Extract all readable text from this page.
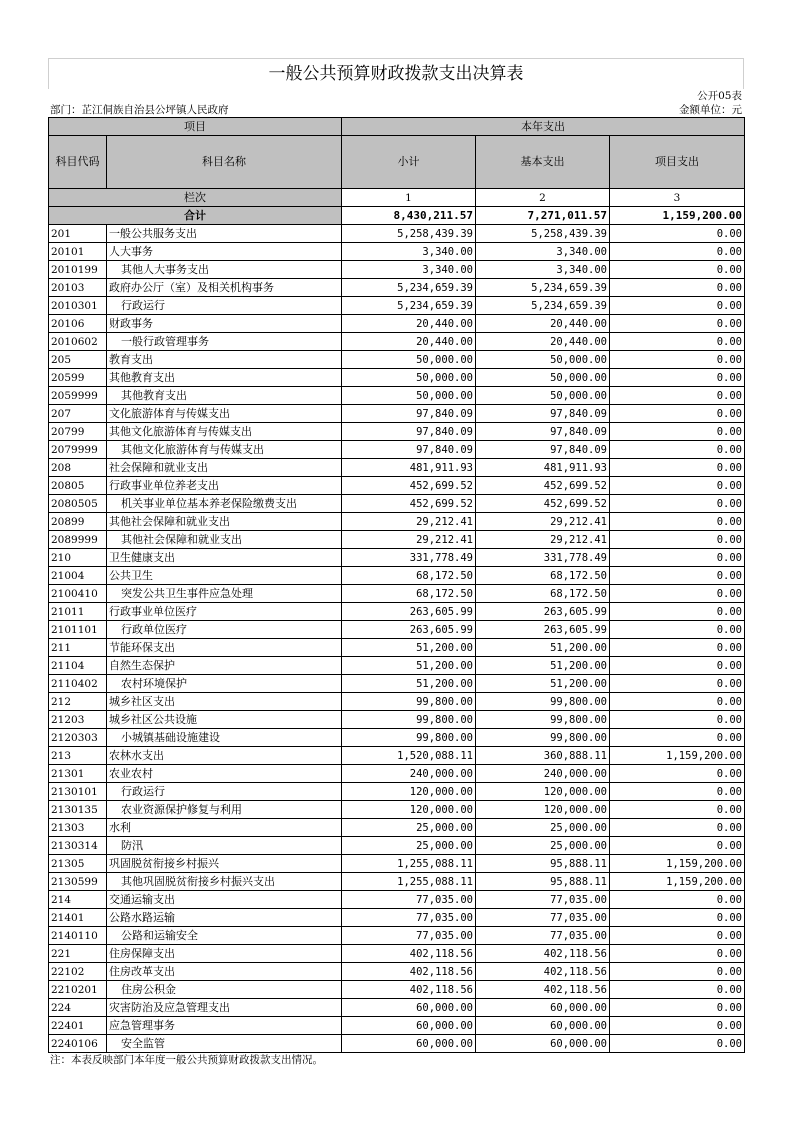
一般公共预算财政拨款支出决算表
公开05表
部门：芷江侗族自治县公坪镇人民政府	金额单位：元
项目		本年支出		
科目代码	科目名称	小计	基本支出	项目支出
栏次		1	2	3
合计		8,430,211.57	7,271,011.57	1,159,200.00
201	一般公共服务支出	5,258,439.39	5,258,439.39	0.00
20101	人大事务	3,340.00	3,340.00	0.00
2010199	其他人大事务支出	3,340.00	3,340.00	0.00
20103	政府办公厅（室）及相关机构事务	5,234,659.39	5,234,659.39	0.00
2010301	行政运行	5,234,659.39	5,234,659.39	0.00
20106	财政事务	20,440.00	20,440.00	0.00
2010602	一般行政管理事务	20,440.00	20,440.00	0.00
205	教育支出	50,000.00	50,000.00	0.00
20599	其他教育支出	50,000.00	50,000.00	0.00
2059999	其他教育支出	50,000.00	50,000.00	0.00
207	文化旅游体育与传媒支出	97,840.09	97,840.09	0.00
20799	其他文化旅游体育与传媒支出	97,840.09	97,840.09	0.00
2079999	其他文化旅游体育与传媒支出	97,840.09	97,840.09	0.00
208	社会保障和就业支出	481,911.93	481,911.93	0.00
20805	行政事业单位养老支出	452,699.52	452,699.52	0.00
2080505	机关事业单位基本养老保险缴费支出	452,699.52	452,699.52	0.00
20899	其他社会保障和就业支出	29,212.41	29,212.41	0.00
2089999	其他社会保障和就业支出	29,212.41	29,212.41	0.00
210	卫生健康支出	331,778.49	331,778.49	0.00
21004	公共卫生	68,172.50	68,172.50	0.00
2100410	突发公共卫生事件应急处理	68,172.50	68,172.50	0.00
21011	行政事业单位医疗	263,605.99	263,605.99	0.00
2101101	行政单位医疗	263,605.99	263,605.99	0.00
211	节能环保支出	51,200.00	51,200.00	0.00
21104	自然生态保护	51,200.00	51,200.00	0.00
2110402	农村环境保护	51,200.00	51,200.00	0.00
212	城乡社区支出	99,800.00	99,800.00	0.00
21203	城乡社区公共设施	99,800.00	99,800.00	0.00
2120303	小城镇基础设施建设	99,800.00	99,800.00	0.00
213	农林水支出	1,520,088.11	360,888.11	1,159,200.00
21301	农业农村	240,000.00	240,000.00	0.00
2130101	行政运行	120,000.00	120,000.00	0.00
2130135	农业资源保护修复与利用	120,000.00	120,000.00	0.00
21303	水利	25,000.00	25,000.00	0.00
2130314	防汛	25,000.00	25,000.00	0.00
21305	巩固脱贫衔接乡村振兴	1,255,088.11	95,888.11	1,159,200.00
2130599	其他巩固脱贫衔接乡村振兴支出	1,255,088.11	95,888.11	1,159,200.00
214	交通运输支出	77,035.00	77,035.00	0.00
21401	公路水路运输	77,035.00	77,035.00	0.00
2140110	公路和运输安全	77,035.00	77,035.00	0.00
221	住房保障支出	402,118.56	402,118.56	0.00
22102	住房改革支出	402,118.56	402,118.56	0.00
2210201	住房公积金	402,118.56	402,118.56	0.00
224	灾害防治及应急管理支出	60,000.00	60,000.00	0.00
22401	应急管理事务	60,000.00	60,000.00	0.00
2240106	安全监管	60,000.00	60,000.00	0.00
注：本表反映部门本年度一般公共预算财政拨款支出情况。
